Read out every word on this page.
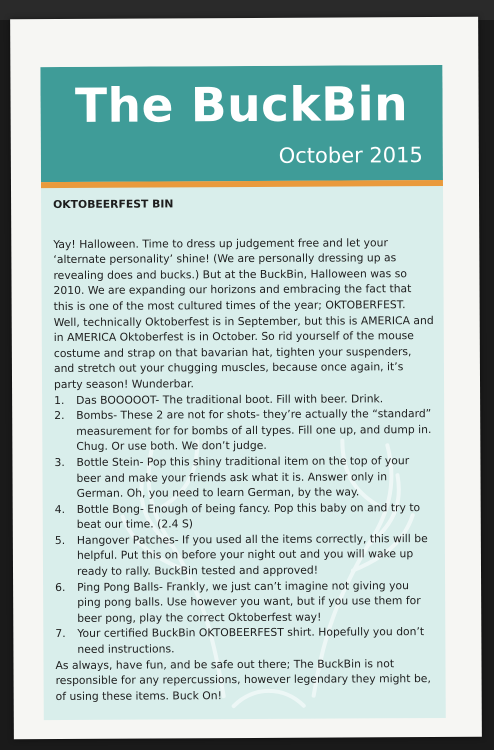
The BuckBin
October 2015
OKTOBEERFEST BIN

Yay! Halloween. Time to dress up judgement free and let your ‘alternate personality’ shine! (We are personally dressing up as revealing does and bucks.) But at the BuckBin, Halloween was so 2010. We are expanding our horizons and embracing the fact that this is one of the most cultured times of the year; OKTOBERFEST. Well, technically Oktoberfest is in September, but this is AMERICA and in AMERICA Oktoberfest is in October. So rid yourself of the mouse costume and strap on that bavarian hat, tighten your suspenders, and stretch out your chugging muscles, because once again, it’s party season! Wunderbar.

1.	Das BOOOOOT- The traditional boot. Fill with beer. Drink.
2.	Bombs- These 2 are not for shots- they’re actually the “standard” measurement for for bombs of all types. Fill one up, and dump in. Chug. Or use both. We don’t judge.
3.	Bottle Stein- Pop this shiny traditional item on the top of your beer and make your friends ask what it is. Answer only in German. Oh, you need to learn German, by the way.
4.	Bottle Bong- Enough of being fancy. Pop this baby on and try to beat our time. (2.4 S)
5.	Hangover Patches- If you used all the items correctly, this will be helpful. Put this on before your night out and you will wake up ready to rally. BuckBin tested and approved!
6.	Ping Pong Balls- Frankly, we just can’t imagine not giving you ping pong balls. Use however you want, but if you use them for beer pong, play the correct Oktoberfest way!
7.	Your certified BuckBin OKTOBEERFEST shirt. Hopefully you don’t need instructions.

As always, have fun, and be safe out there; The BuckBin is not responsible for any repercussions, however legendary they might be, of using these items. Buck On!
